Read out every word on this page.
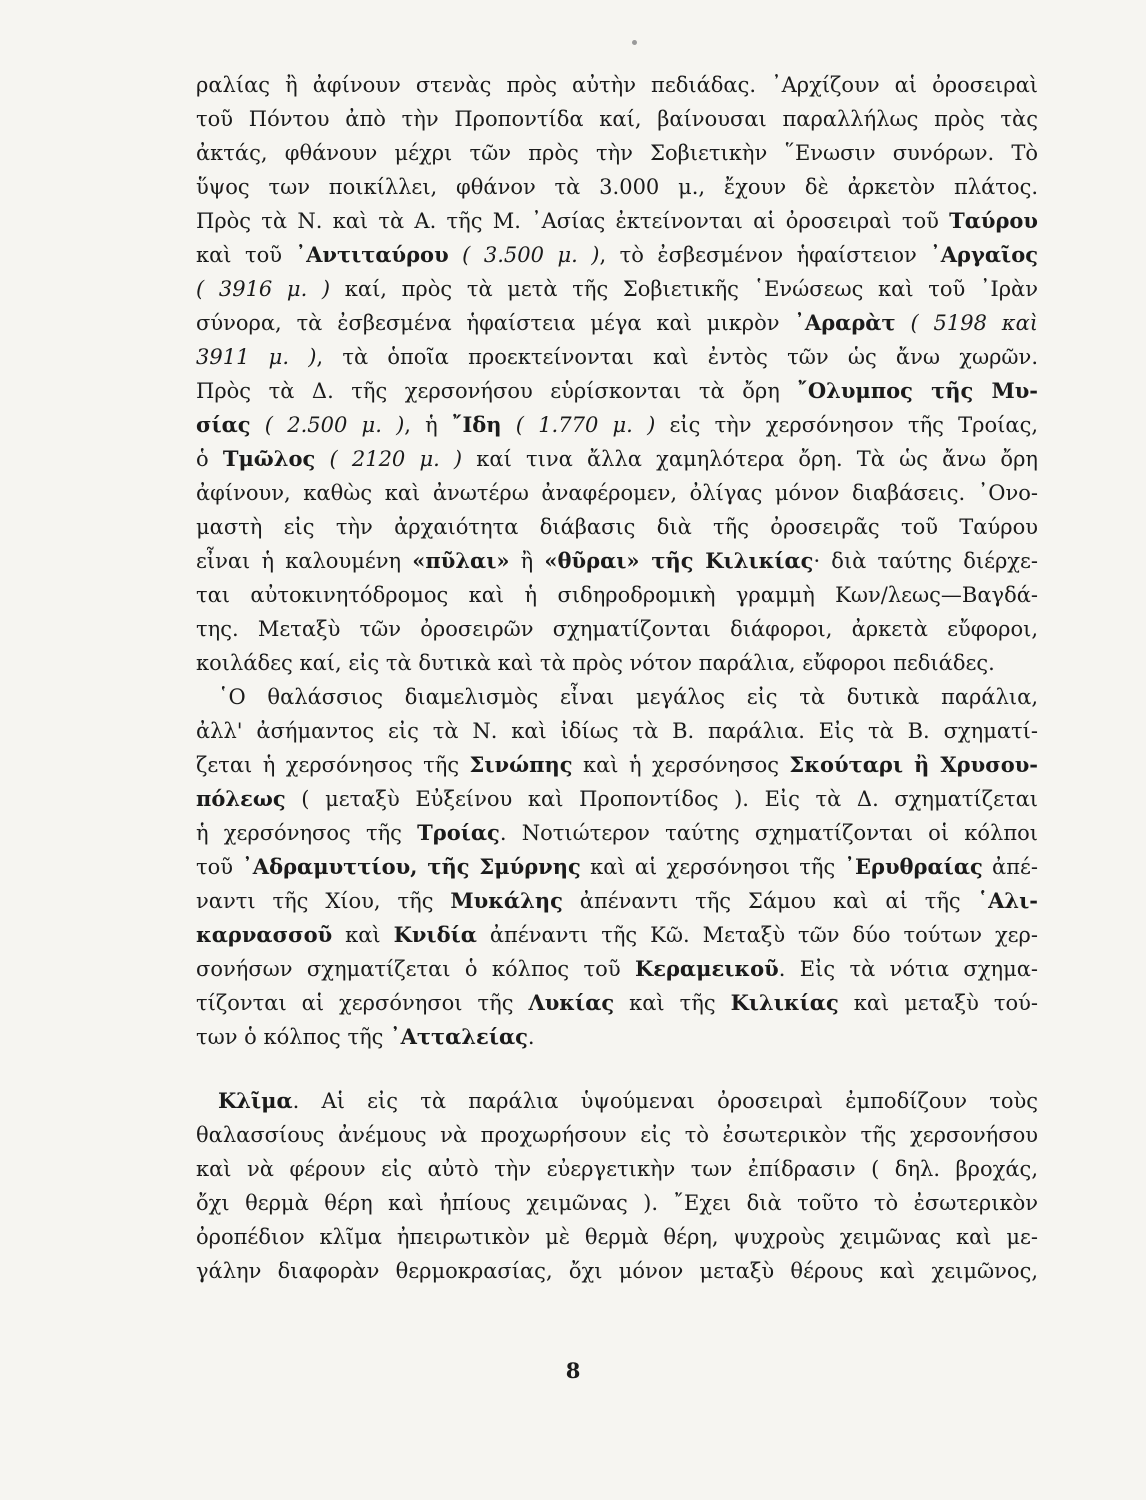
ραλίας ἢ ἀφίνουν στενὰς πρὸς αὐτὴν πεδιάδας. ᾿Αρχίζουν αἱ ὀροσειραὶ
τοῦ Πόντου ἀπὸ τὴν Προποντίδα καί, βαίνουσαι παραλλήλως πρὸς τὰς
ἀκτάς, φθάνουν μέχρι τῶν πρὸς τὴν Σοβιετικὴν ῞Ενωσιν συνόρων. Τὸ
ὕψος των ποικίλλει, φθάνον τὰ 3.000 μ., ἔχουν δὲ ἀρκετὸν πλάτος.
Πρὸς τὰ Ν. καὶ τὰ Α. τῆς Μ. ᾿Ασίας ἐκτείνονται αἱ ὀροσειραὶ τοῦ Ταύρου
καὶ τοῦ ᾿Αντιταύρου ( 3.500 μ. ), τὸ ἐσβεσμένον ἡφαίστειον ᾿Αργαῖος
( 3916 μ. ) καί, πρὸς τὰ μετὰ τῆς Σοβιετικῆς ῾Ενώσεως καὶ τοῦ ᾿Ιρὰν
σύνορα, τὰ ἐσβεσμένα ἡφαίστεια μέγα καὶ μικρὸν ᾿Αραρὰτ ( 5198 καὶ
3911 μ. ), τὰ ὁποῖα προεκτείνονται καὶ ἐντὸς τῶν ὡς ἄνω χωρῶν.
Πρὸς τὰ Δ. τῆς χερσονήσου εὑρίσκονται τὰ ὄρη ῎Ολυμπος τῆς Μυ-
σίας ( 2.500 μ. ), ἡ ῎Ιδη ( 1.770 μ. ) εἰς τὴν χερσόνησον τῆς Τροίας,
ὁ Τμῶλος ( 2120 μ. ) καί τινα ἄλλα χαμηλότερα ὄρη. Τὰ ὡς ἄνω ὄρη
ἀφίνουν, καθὼς καὶ ἀνωτέρω ἀναφέρομεν, ὀλίγας μόνον διαβάσεις. ᾿Ονο-
μαστὴ εἰς τὴν ἀρχαιότητα διάβασις διὰ τῆς ὀροσειρᾶς τοῦ Ταύρου
εἶναι ἡ καλουμένη «πῦλαι» ἢ «θῦραι» τῆς Κιλικίας· διὰ ταύτης διέρχε-
ται αὐτοκινητόδρομος καὶ ἡ σιδηροδρομικὴ γραμμὴ Κων/λεως—Βαγδά-
της. Μεταξὺ τῶν ὀροσειρῶν σχηματίζονται διάφοροι, ἀρκετὰ εὔφοροι,
κοιλάδες καί, εἰς τὰ δυτικὰ καὶ τὰ πρὸς νότον παράλια, εὔφοροι πεδιάδες.
῾Ο θαλάσσιος διαμελισμὸς εἶναι μεγάλος εἰς τὰ δυτικὰ παράλια,
ἀλλ' ἀσήμαντος εἰς τὰ Ν. καὶ ἰδίως τὰ Β. παράλια. Εἰς τὰ Β. σχηματί-
ζεται ἡ χερσόνησος τῆς Σινώπης καὶ ἡ χερσόνησος Σκούταρι ἢ Χρυσου-
πόλεως ( μεταξὺ Εὐξείνου καὶ Προποντίδος ). Εἰς τὰ Δ. σχηματίζεται
ἡ χερσόνησος τῆς Τροίας. Νοτιώτερον ταύτης σχηματίζονται οἱ κόλποι
τοῦ ᾿Αδραμυττίου, τῆς Σμύρνης καὶ αἱ χερσόνησοι τῆς ᾿Ερυθραίας ἀπέ-
ναντι τῆς Χίου, τῆς Μυκάλης ἀπέναντι τῆς Σάμου καὶ αἱ τῆς ῾Αλι-
καρνασσοῦ καὶ Κνιδία ἀπέναντι τῆς Κῶ. Μεταξὺ τῶν δύο τούτων χερ-
σονήσων σχηματίζεται ὁ κόλπος τοῦ Κεραμεικοῦ. Εἰς τὰ νότια σχημα-
τίζονται αἱ χερσόνησοι τῆς Λυκίας καὶ τῆς Κιλικίας καὶ μεταξὺ τού-
των ὁ κόλπος τῆς ᾿Ατταλείας.
Κλῖμα. Αἱ εἰς τὰ παράλια ὑψούμεναι ὀροσειραὶ ἐμποδίζουν τοὺς
θαλασσίους ἀνέμους νὰ προχωρήσουν εἰς τὸ ἐσωτερικὸν τῆς χερσονήσου
καὶ νὰ φέρουν εἰς αὐτὸ τὴν εὐεργετικὴν των ἐπίδρασιν ( δηλ. βροχάς,
ὄχι θερμὰ θέρη καὶ ἠπίους χειμῶνας ). ῎Εχει διὰ τοῦτο τὸ ἐσωτερικὸν
ὀροπέδιον κλῖμα ἠπειρωτικὸν μὲ θερμὰ θέρη, ψυχροὺς χειμῶνας καὶ με-
γάλην διαφορὰν θερμοκρασίας, ὄχι μόνον μεταξὺ θέρους καὶ χειμῶνος,
8
